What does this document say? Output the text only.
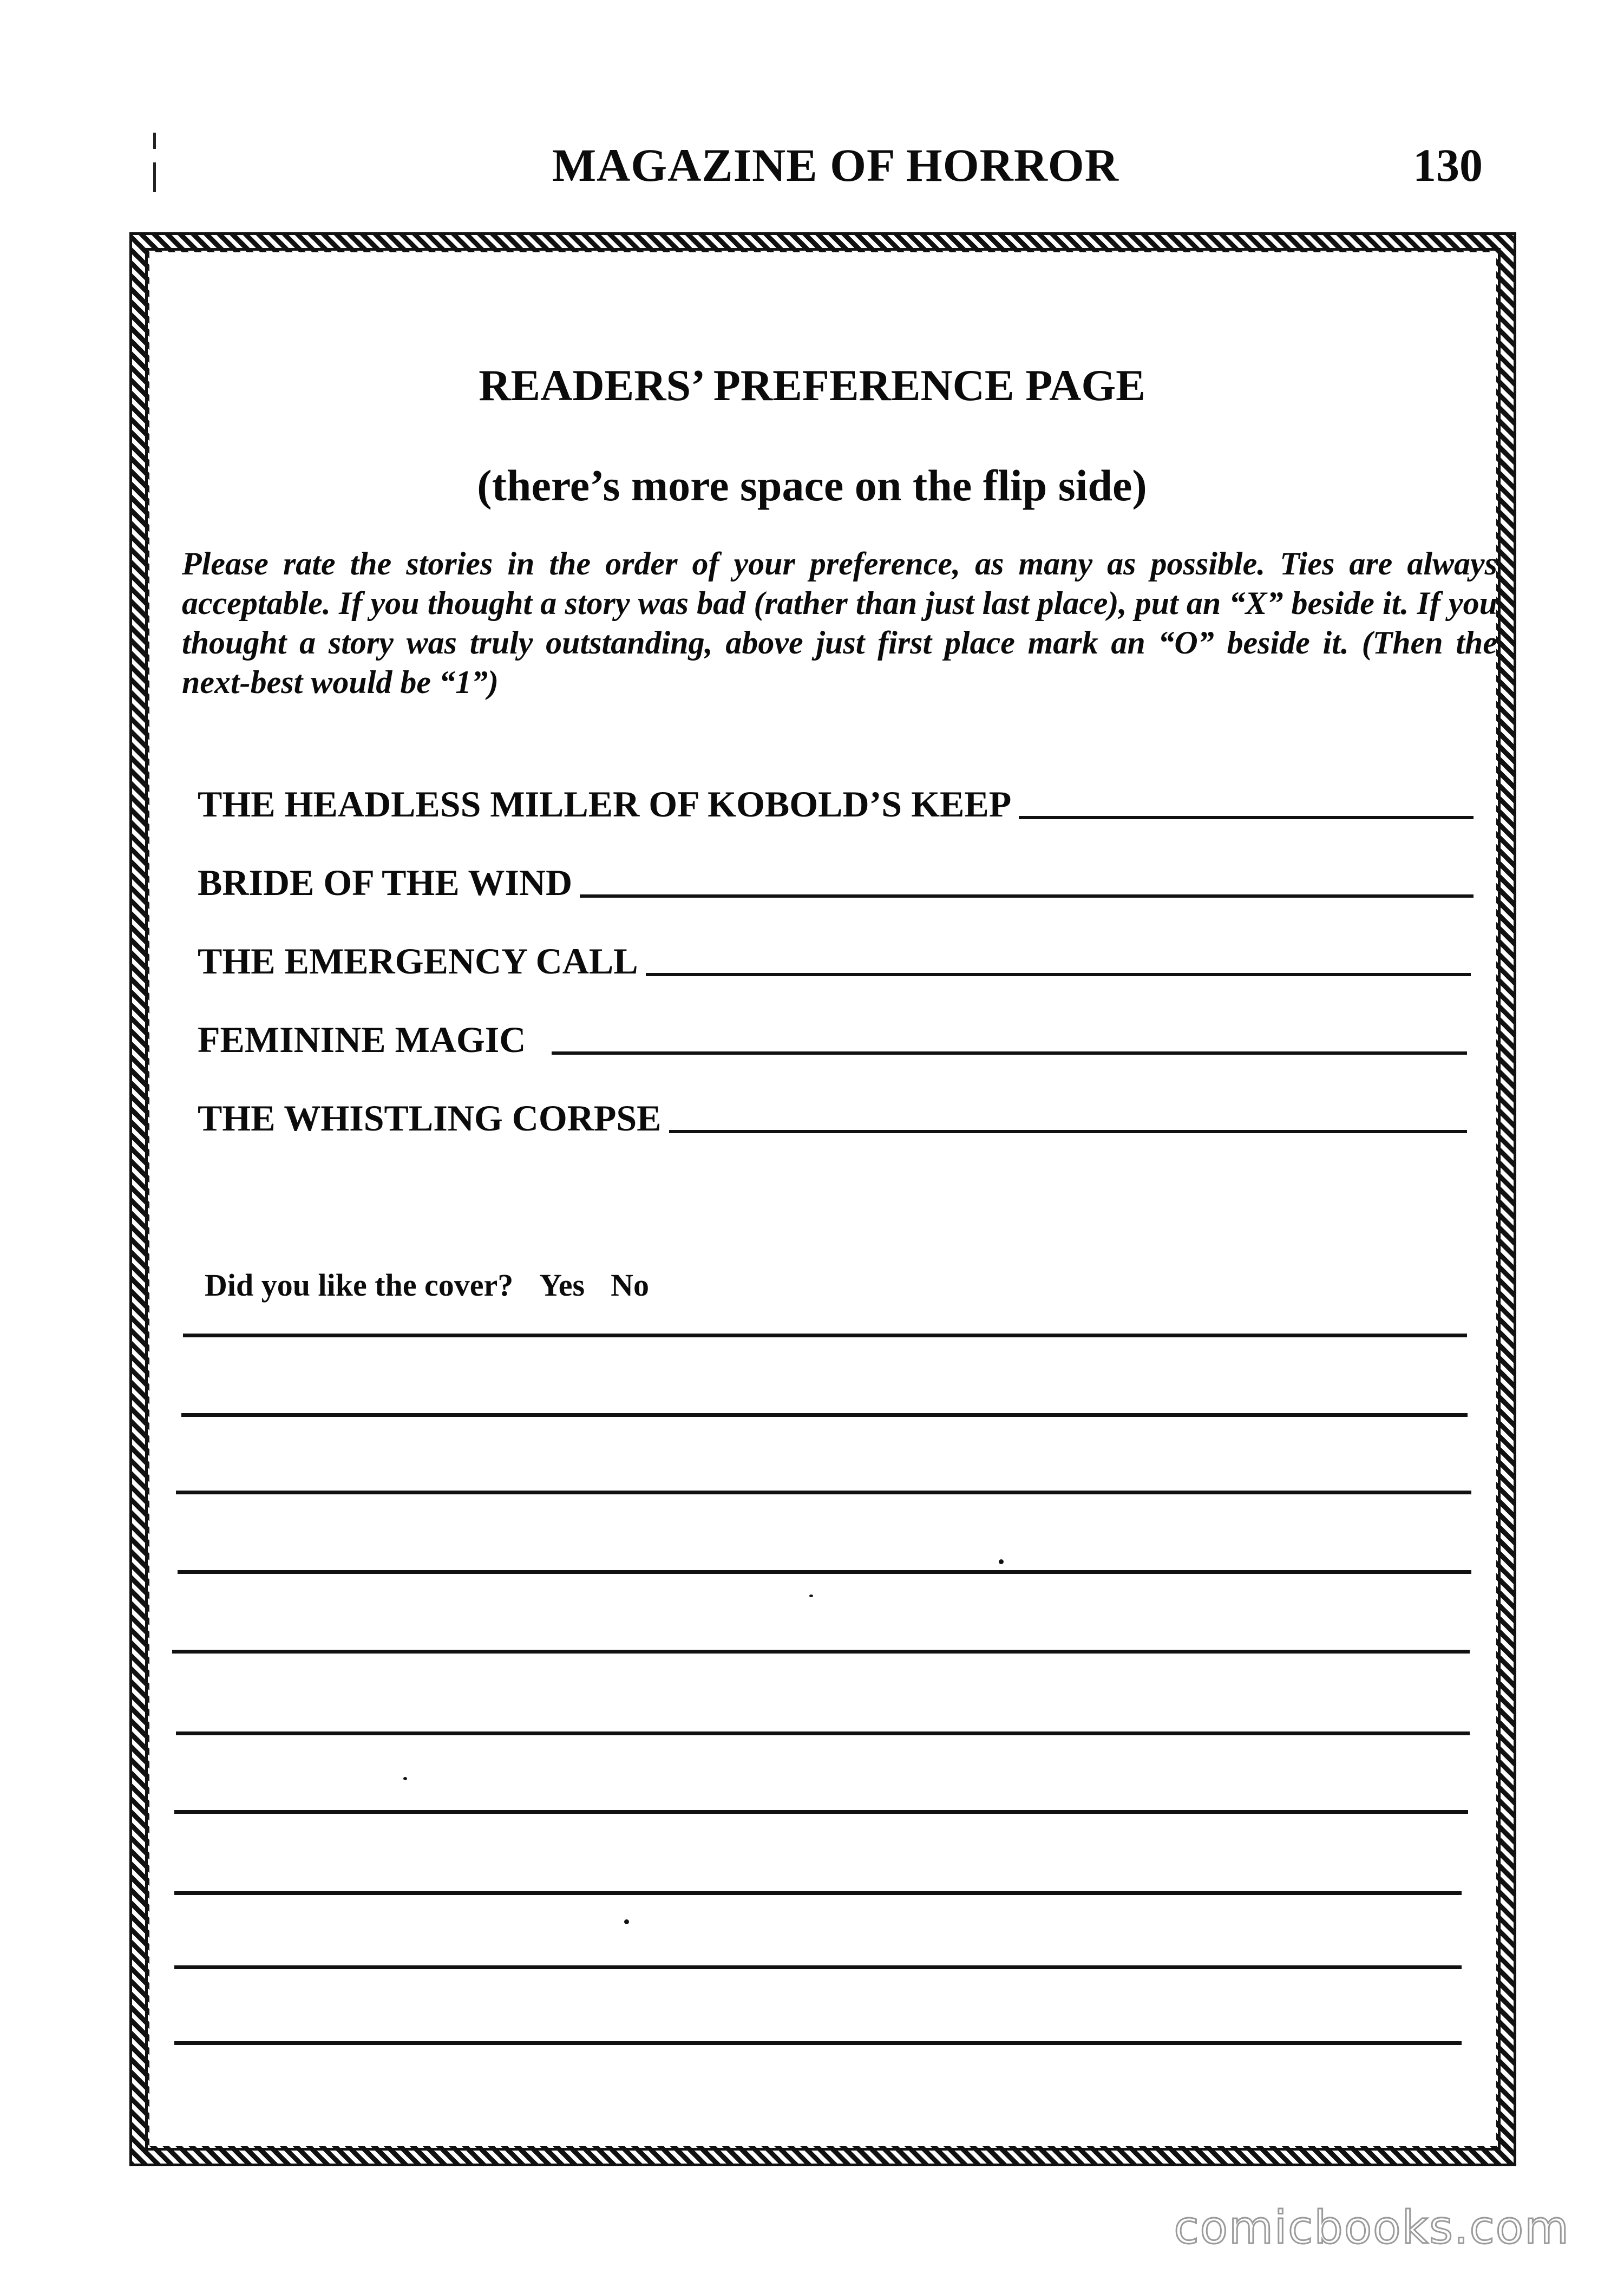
MAGAZINE OF HORROR	130
READERS’ PREFERENCE PAGE
(there’s more space on the flip side)
Please rate the stories in the order of your preference, as many as possible. Ties are always acceptable. If you thought a story was bad (rather than just last place), put an “X” beside it. If you thought a story was truly outstanding, above just first place mark an “O” beside it. (Then the next-best would be “1”)
THE HEADLESS MILLER OF KOBOLD’S KEEP
BRIDE OF THE WIND
THE EMERGENCY CALL
FEMININE MAGIC
THE WHISTLING CORPSE
Did you like the cover? Yes No
comicbooks.com
